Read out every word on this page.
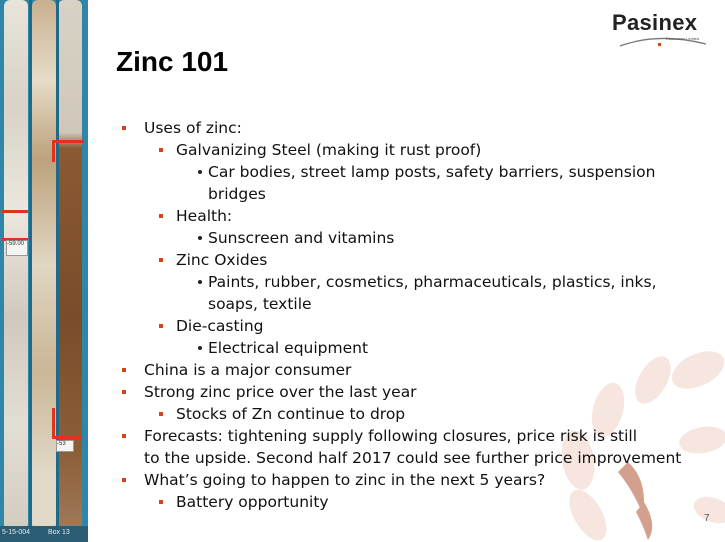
-59.00
-53
5-15-004	Box 13
Pasinex
Resources Limited
Zinc 101
Uses of zinc:
Galvanizing Steel (making it rust proof)
Car bodies, street lamp posts, safety barriers, suspension
bridges
Health:
Sunscreen and vitamins
Zinc Oxides
Paints, rubber, cosmetics, pharmaceuticals, plastics, inks,
soaps, textile
Die-casting
Electrical equipment
China is a major consumer
Strong zinc price over the last year
Stocks of Zn continue to drop
Forecasts: tightening supply following closures, price risk is still
to the upside. Second half 2017 could see further price improvement
What’s going to happen to zinc in the next 5 years?
Battery opportunity
7
